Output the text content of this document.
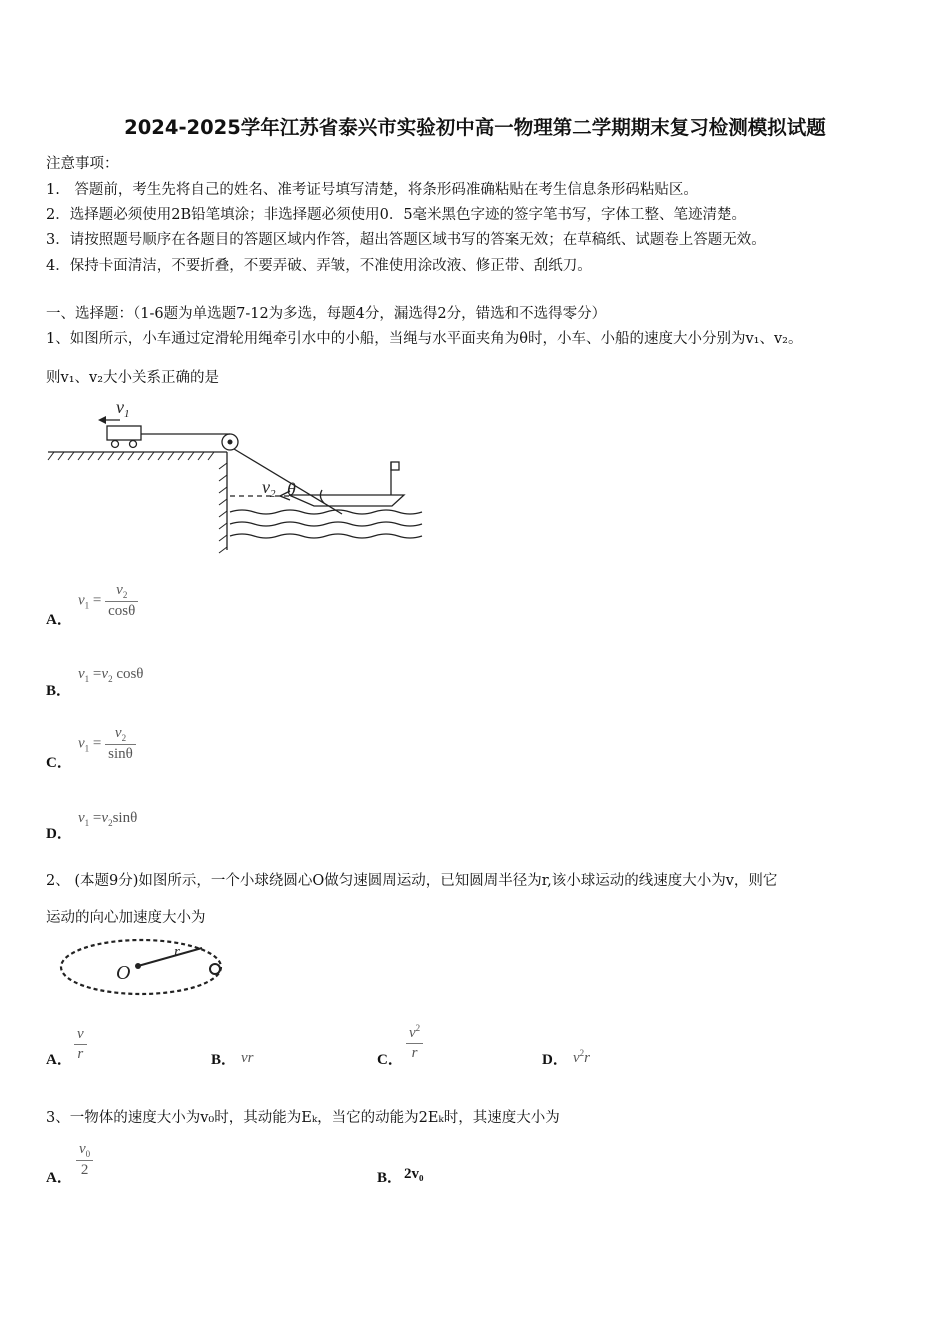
2024-2025学年江苏省泰兴市实验初中高一物理第二学期期末复习检测模拟试题
注意事项：
1.　答题前，考生先将自己的姓名、准考证号填写清楚，将条形码准确粘贴在考生信息条形码粘贴区。
2．选择题必须使用2B铅笔填涂；非选择题必须使用0．5毫米黑色字迹的签字笔书写，字体工整、笔迹清楚。
3．请按照题号顺序在各题目的答题区域内作答，超出答题区域书写的答案无效；在草稿纸、试题卷上答题无效。
4．保持卡面清洁，不要折叠，不要弄破、弄皱，不准使用涂改液、修正带、刮纸刀。
一、选择题：（1-6题为单选题7-12为多选，每题4分，漏选得2分，错选和不选得零分）
1、如图所示，小车通过定滑轮用绳牵引水中的小船，当绳与水平面夹角为θ时，小车、小船的速度大小分别为v₁、v₂。
则v₁、v₂大小关系正确的是
$v_1$
$v_2$ θ
A．
$v_1 = \frac{v_2}{\cos\theta}$
B．
$v_1 =v_2$ cosθ
C．
$v_1 = \frac{v_2}{\sin\theta}$
D．
$v_1 =v_2\sin\theta$
2、 (本题9分)如图所示，一个小球绕圆心O做匀速圆周运动，已知圆周半径为r,该小球运动的线速度大小为v，则它
运动的向心加速度大小为
O
r
A． $\frac{v}{r}$	B． vr	C． $\frac{v^2}{r}$	D． $v^2r$
3、一物体的速度大小为v₀时，其动能为Eₖ，当它的动能为2Eₖ时，其速度大小为
A． $\frac{v_0}{2}$	B． 2v₀
